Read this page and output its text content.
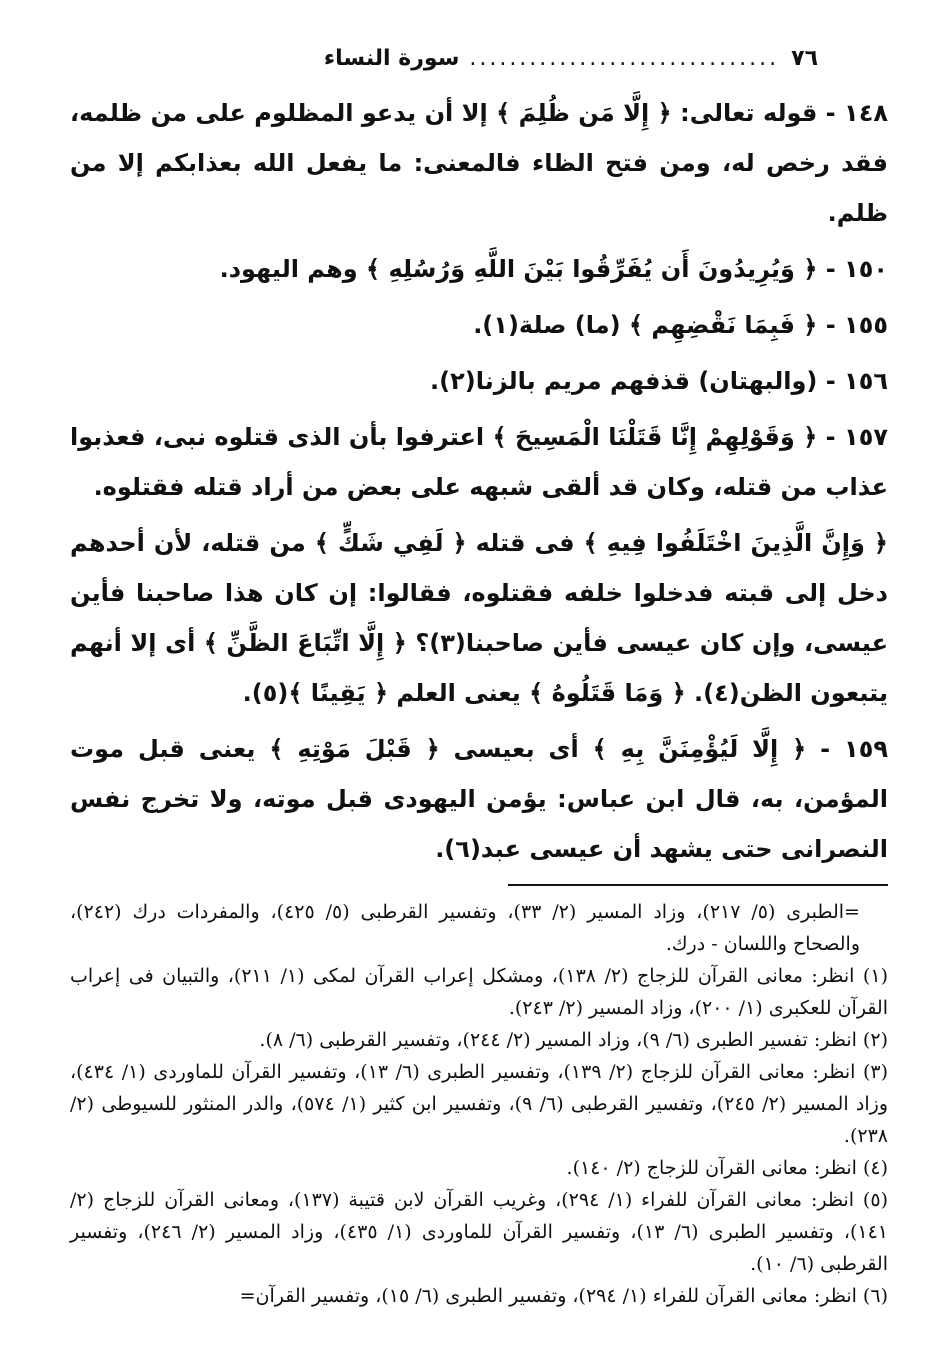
٧٦
...............................
سورة النساء

١٤٨ - قوله تعالى: ﴿ إِلَّا مَن ظُلِمَ ﴾ إلا أن يدعو المظلوم على من ظلمه، فقد رخص له، ومن فتح الظاء فالمعنى: ما يفعل الله بعذابكم إلا من ظلم.

١٥٠ - ﴿ وَيُرِيدُونَ أَن يُفَرِّقُوا بَيْنَ اللَّهِ وَرُسُلِهِ ﴾ وهم اليهود.

١٥٥ - ﴿ فَبِمَا نَقْضِهِم ﴾ (ما) صلة(١).

١٥٦ - (والبهتان) قذفهم مريم بالزنا(٢).

١٥٧ - ﴿ وَقَوْلِهِمْ إِنَّا قَتَلْنَا الْمَسِيحَ ﴾ اعترفوا بأن الذى قتلوه نبى، فعذبوا عذاب من قتله، وكان قد ألقى شبهه على بعض من أراد قتله فقتلوه.

﴿ وَإِنَّ الَّذِينَ اخْتَلَفُوا فِيهِ ﴾ فى قتله ﴿ لَفِي شَكٍّ ﴾ من قتله، لأن أحدهم دخل إلى قبته فدخلوا خلفه فقتلوه، فقالوا: إن كان هذا صاحبنا فأين عيسى، وإن كان عيسى فأين صاحبنا(٣)؟ ﴿ إِلَّا اتِّبَاعَ الظَّنِّ ﴾ أى إلا أنهم يتبعون الظن(٤). ﴿ وَمَا قَتَلُوهُ ﴾ يعنى العلم ﴿ يَقِينًا ﴾(٥).

١٥٩ - ﴿ إِلَّا لَيُؤْمِنَنَّ بِهِ ﴾ أى بعيسى ﴿ قَبْلَ مَوْتِهِ ﴾ يعنى قبل موت المؤمن، به، قال ابن عباس: يؤمن اليهودى قبل موته، ولا تخرج نفس النصرانى حتى يشهد أن عيسى عبد(٦).

=الطبرى (٥/ ٢١٧)، وزاد المسير (٢/ ٣٣)، وتفسير القرطبى (٥/ ٤٢٥)، والمفردات درك (٢٤٢)، والصحاح واللسان - درك.

(١) انظر: معانى القرآن للزجاج (٢/ ١٣٨)، ومشكل إعراب القرآن لمكى (١/ ٢١١)، والتبيان فى إعراب القرآن للعكبرى (١/ ٢٠٠)، وزاد المسير (٢/ ٢٤٣).

(٢) انظر: تفسير الطبرى (٦/ ٩)، وزاد المسير (٢/ ٢٤٤)، وتفسير القرطبى (٦/ ٨).

(٣) انظر: معانى القرآن للزجاج (٢/ ١٣٩)، وتفسير الطبرى (٦/ ١٣)، وتفسير القرآن للماوردى (١/ ٤٣٤)، وزاد المسير (٢/ ٢٤٥)، وتفسير القرطبى (٦/ ٩)، وتفسير ابن كثير (١/ ٥٧٤)، والدر المنثور للسيوطى (٢/ ٢٣٨).

(٤) انظر: معانى القرآن للزجاج (٢/ ١٤٠).

(٥) انظر: معانى القرآن للفراء (١/ ٢٩٤)، وغريب القرآن لابن قتيبة (١٣٧)، ومعانى القرآن للزجاج (٢/ ١٤١)، وتفسير الطبرى (٦/ ١٣)، وتفسير القرآن للماوردى (١/ ٤٣٥)، وزاد المسير (٢/ ٢٤٦)، وتفسير القرطبى (٦/ ١٠).

(٦) انظر: معانى القرآن للفراء (١/ ٢٩٤)، وتفسير الطبرى (٦/ ١٥)، وتفسير القرآن=
